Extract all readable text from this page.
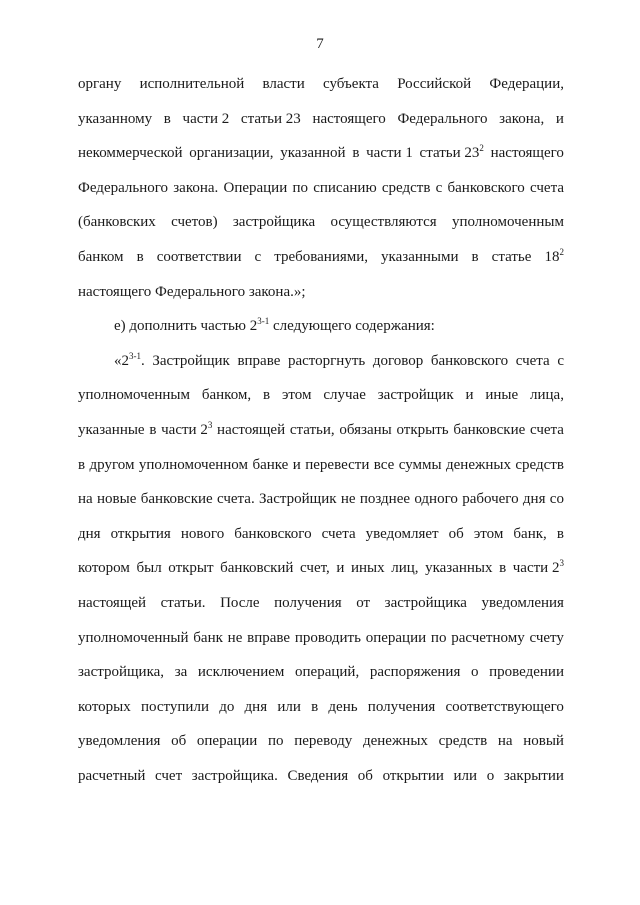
7
органу исполнительной власти субъекта Российской Федерации,
указанному в части 2 статьи 23 настоящего Федерального закона, и
некоммерческой организации, указанной в части 1 статьи $23^2$ настоящего
Федерального закона. Операции по списанию средств с банковского счета
(банковских счетов) застройщика осуществляются уполномоченным
банком в соответствии с требованиями, указанными в статье $18^2$
настоящего Федерального закона.»;
е) дополнить частью 2$^{3-1}$ следующего содержания:
«2$^{3-1}$. Застройщик вправе расторгнуть договор банковского счета с
уполномоченным банком, в этом случае застройщик и иные лица,
указанные в части $2^3$ настоящей статьи, обязаны открыть банковские счета
в другом уполномоченном банке и перевести все суммы денежных средств
на новые банковские счета. Застройщик не позднее одного рабочего дня со
дня открытия нового банковского счета уведомляет об этом банк, в
котором был открыт банковский счет, и иных лиц, указанных в части $2^3$
настоящей статьи. После получения от застройщика уведомления
уполномоченный банк не вправе проводить операции по расчетному счету
застройщика, за исключением операций, распоряжения о проведении
которых поступили до дня или в день получения соответствующего
уведомления об операции по переводу денежных средств на новый
расчетный счет застройщика. Сведения об открытии или о закрытии
